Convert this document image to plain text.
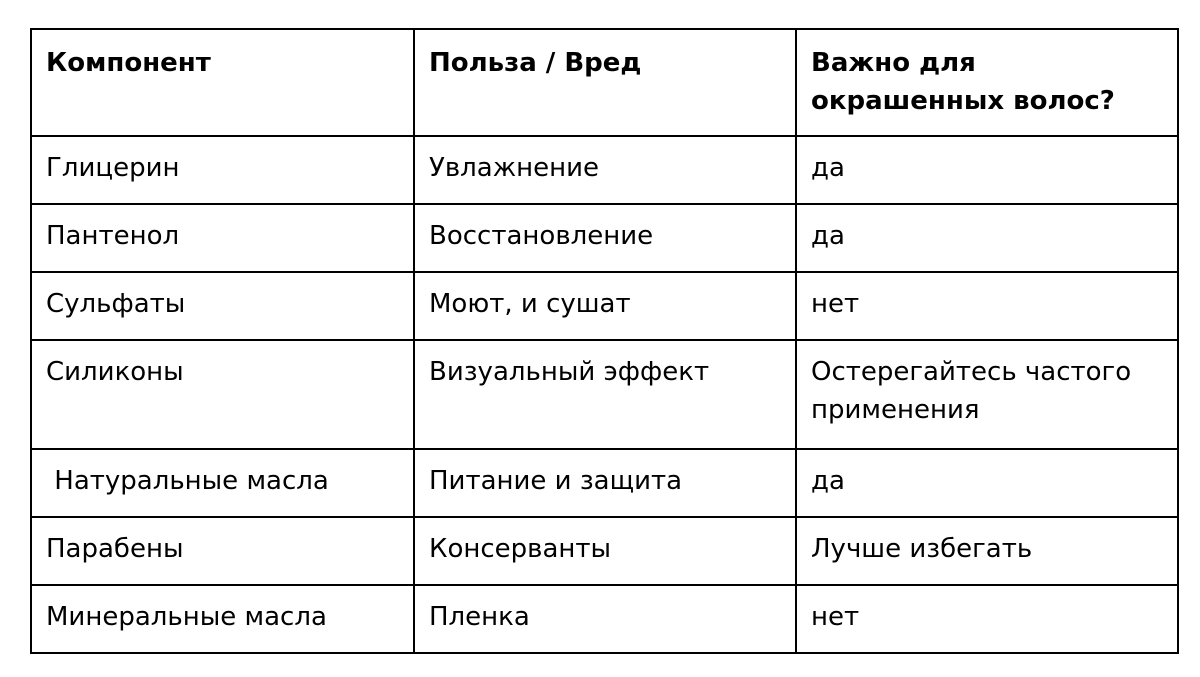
Компонент	Польза / Вред	Важно для окрашенных волос?
Глицерин	Увлажнение	да
Пантенол	Восстановление	да
Сульфаты	Моют, и сушат	нет
Силиконы	Визуальный эффект	Остерегайтесь частого применения
Натуральные масла	Питание и защита	да
Парабены	Консерванты	Лучше избегать
Минеральные масла	Пленка	нет
